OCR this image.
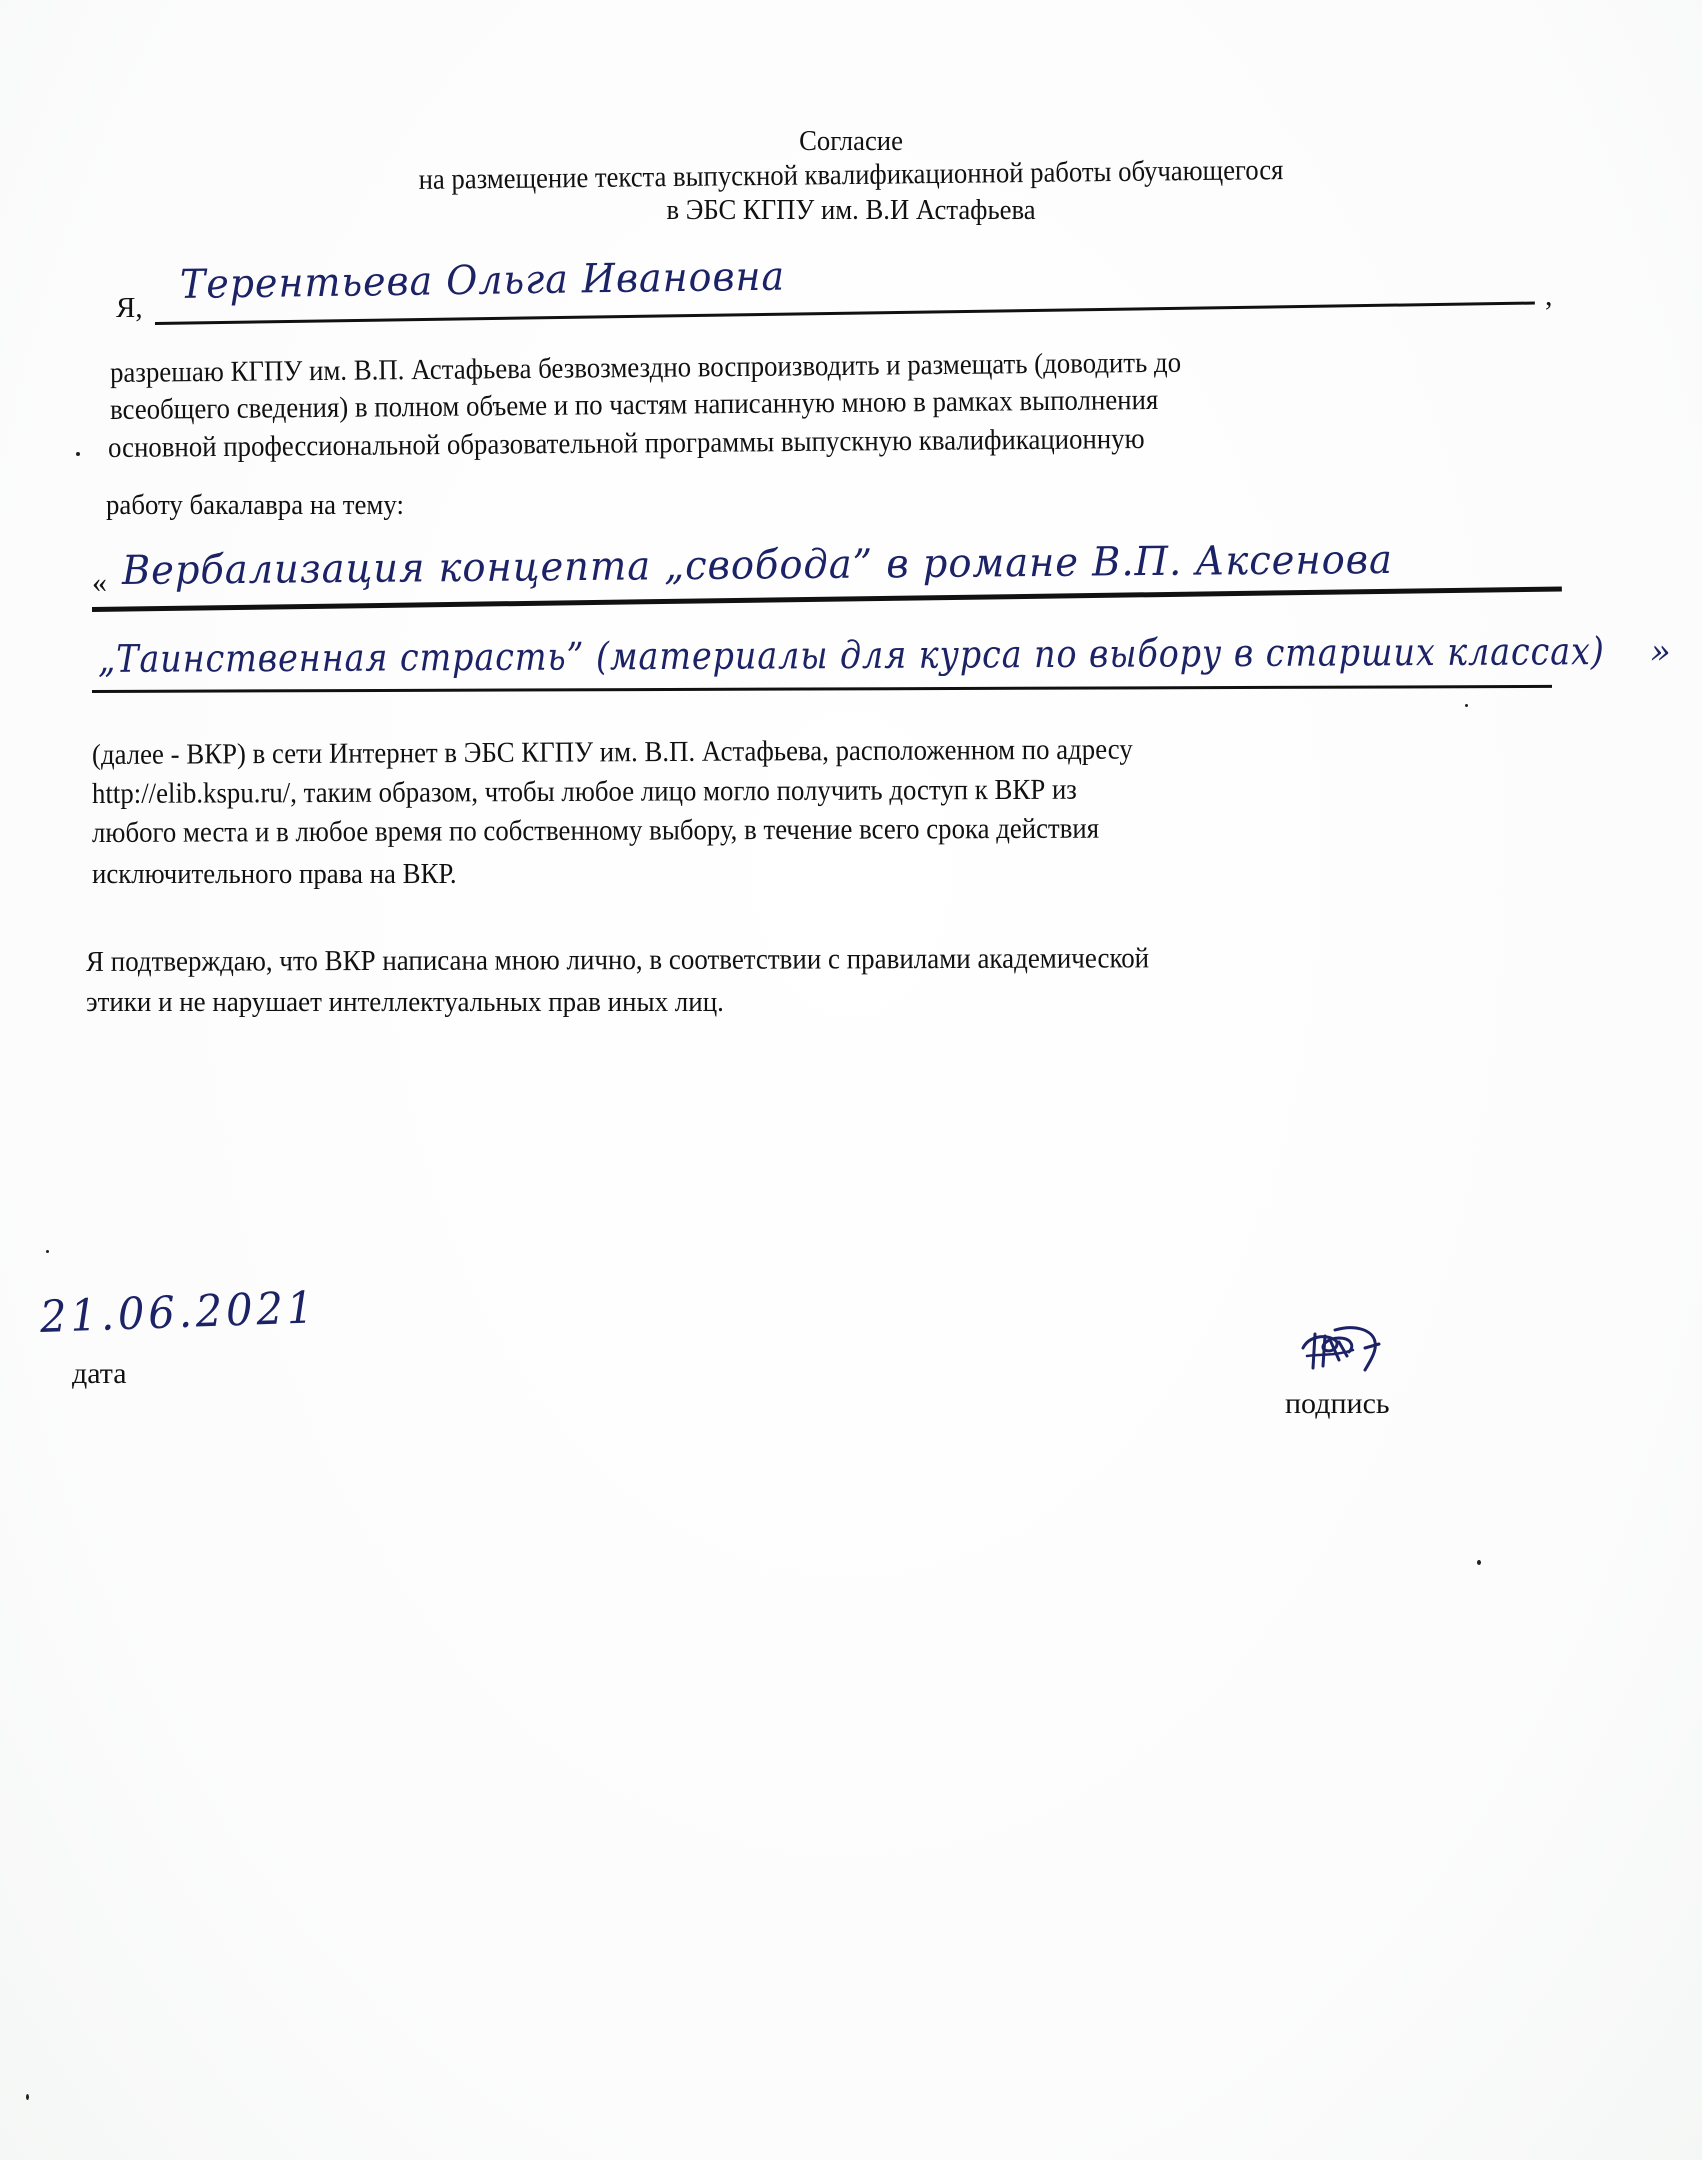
Согласие
на размещение текста выпускной квалификационной работы обучающегося
в ЭБС КГПУ им. В.И Астафьева
Я,
Терентьева Ольга Ивановна	,
разрешаю КГПУ им. В.П. Астафьева безвозмездно воспроизводить и размещать (доводить до
всеобщего сведения) в полном объеме и по частям написанную мною в рамках выполнения
основной профессиональной образовательной программы выпускную квалификационную
работу бакалавра на тему:
« Вербализация концепта „свобода” в романе В.П. Аксенова
„Таинственная страсть” (материалы для курса по выбору в старших классах) »
(далее - ВКР) в сети Интернет в ЭБС КГПУ им. В.П. Астафьева, расположенном по адресу
http://elib.kspu.ru/, таким образом, чтобы любое лицо могло получить доступ к ВКР из
любого места и в любое время по собственному выбору, в течение всего срока действия
исключительного права на ВКР.
Я подтверждаю, что ВКР написана мною лично, в соответствии с правилами академической
этики и не нарушает интеллектуальных прав иных лиц.
21.06.2021
дата
подпись
